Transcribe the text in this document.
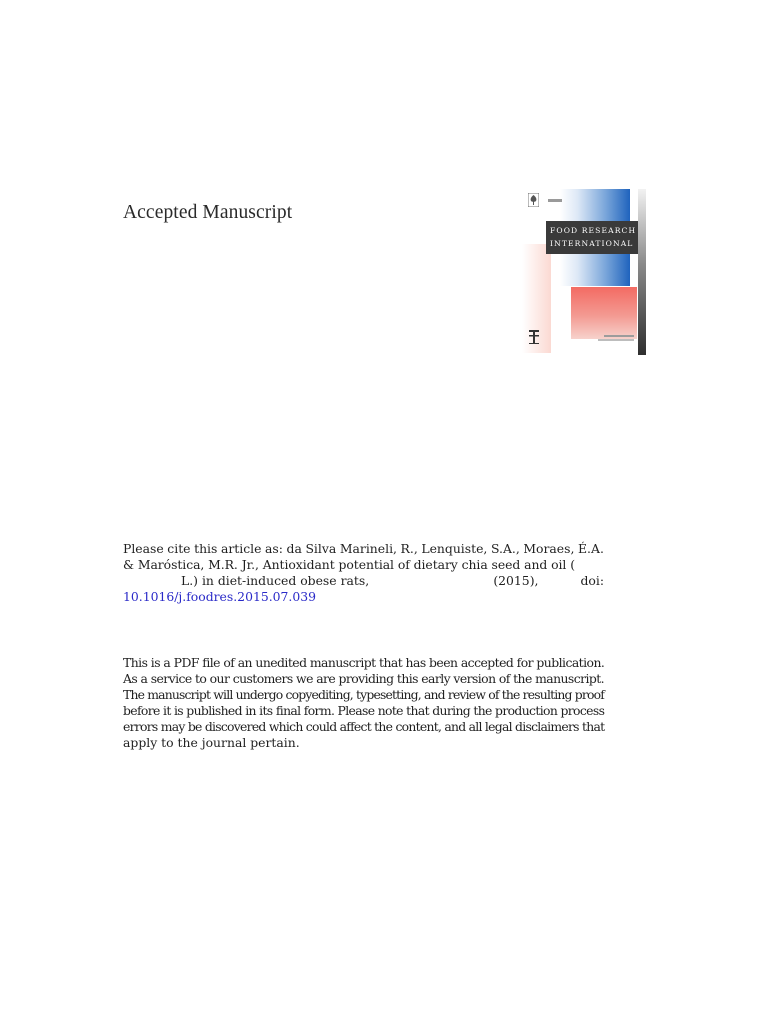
Accepted Manuscript
FOOD RESEARCH
INTERNATIONAL
Please cite this article as: da Silva Marineli, R., Lenquiste, S.A., Moraes, É.A.
& Maróstica, M.R. Jr., Antioxidant potential of dietary chia seed and oil (
L.) in diet-induced obese rats,	(2015),	doi:
10.1016/j.foodres.2015.07.039
This is a PDF file of an unedited manuscript that has been accepted for publication.
As a service to our customers we are providing this early version of the manuscript.
The manuscript will undergo copyediting, typesetting, and review of the resulting proof
before it is published in its final form. Please note that during the production process
errors may be discovered which could affect the content, and all legal disclaimers that
apply to the journal pertain.
